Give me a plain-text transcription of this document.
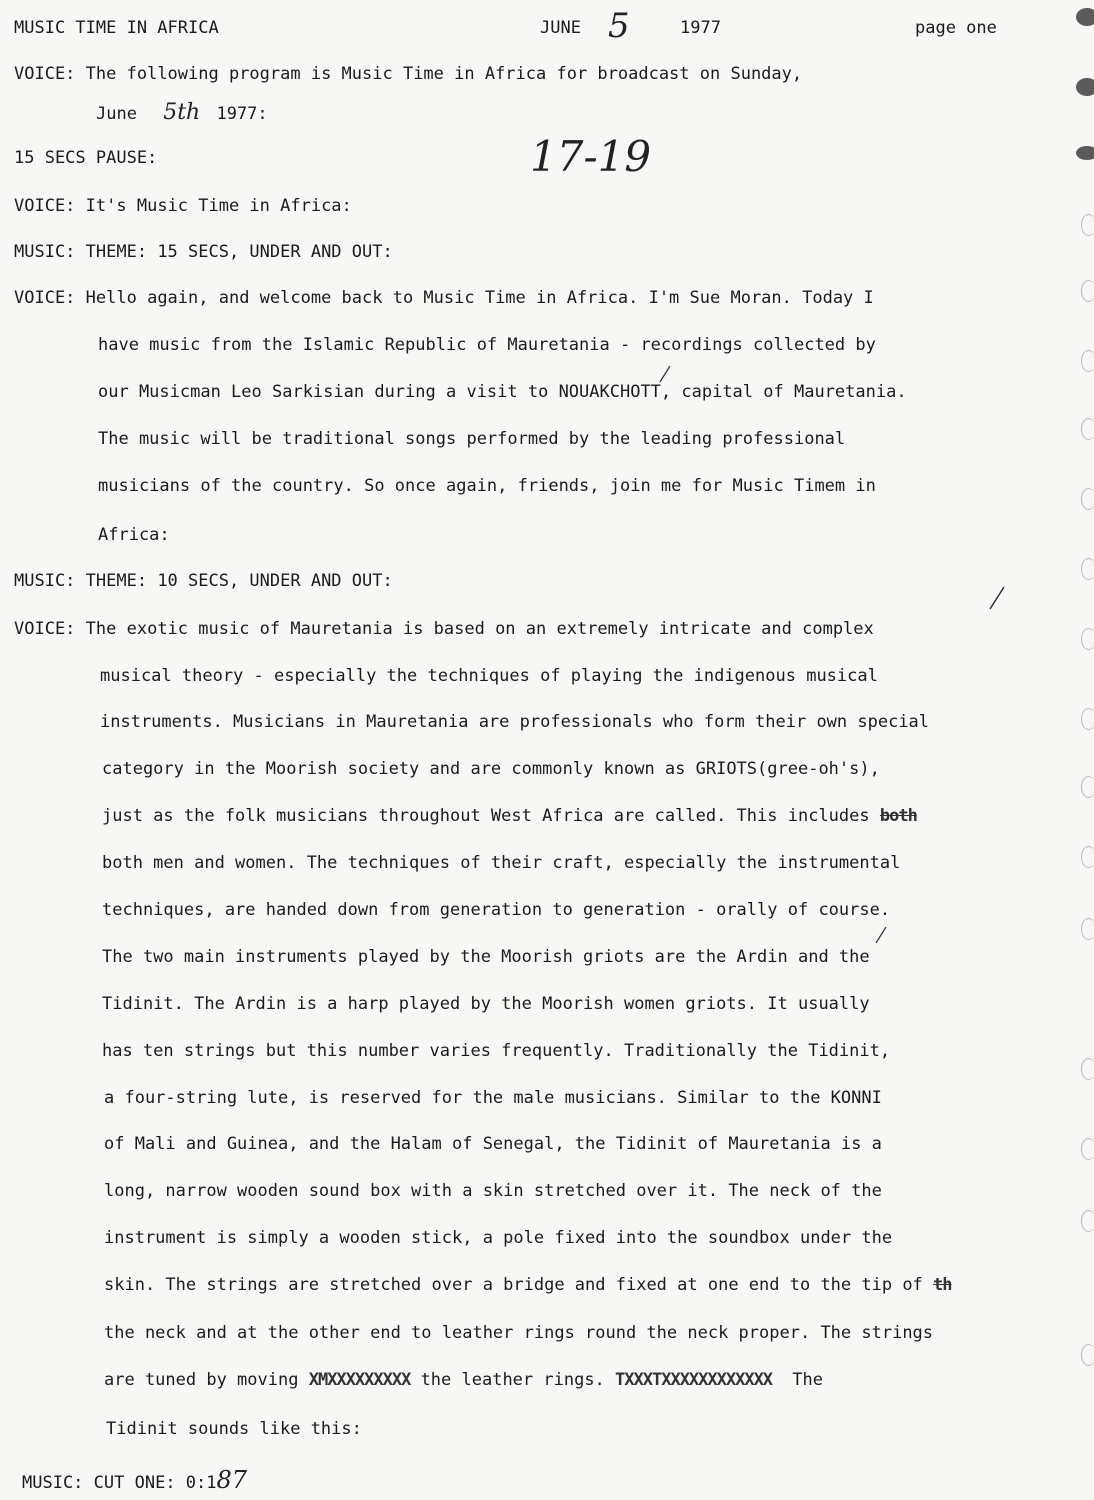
MUSIC TIME IN AFRICA	JUNE 5	1977	page one
17-19
VOICE: The following program is Music Time in Africa for broadcast on Sunday,
June 5th 1977:
15 SECS PAUSE:
VOICE: It's Music Time in Africa:
MUSIC: THEME: 15 SECS, UNDER AND OUT:
VOICE: Hello again, and welcome back to Music Time in Africa. I'm Sue Moran. Today I
have music from the Islamic Republic of Mauretania - recordings collected by
our Musicman Leo Sarkisian during a visit to NOUAKCHOTT, capital of Mauretania.
The music will be traditional songs performed by the leading professional
musicians of the country. So once again, friends, join me for Music Timem in
Africa:
MUSIC: THEME: 10 SECS, UNDER AND OUT:
VOICE: The exotic music of Mauretania is based on an extremely intricate and complex
musical theory - especially the techniques of playing the indigenous musical
instruments. Musicians in Mauretania are professionals who form their own special
category in the Moorish society and are commonly known as GRIOTS(gree-oh's),
just as the folk musicians throughout West Africa are called. This includes both
both men and women. The techniques of their craft, especially the instrumental
techniques, are handed down from generation to generation - orally of course.
The two main instruments played by the Moorish griots are the Ardin and the
Tidinit. The Ardin is a harp played by the Moorish women griots. It usually
has ten strings but this number varies frequently. Traditionally the Tidinit,
a four-string lute, is reserved for the male musicians. Similar to the KONNI
of Mali and Guinea, and the Halam of Senegal, the Tidinit of Mauretania is a
long, narrow wooden sound box with a skin stretched over it. The neck of the
instrument is simply a wooden stick, a pole fixed into the soundbox under the
skin. The strings are stretched over a bridge and fixed at one end to the tip of th
the neck and at the other end to leather rings round the neck proper. The strings
are tuned by moving XMXXXXXXXXX the leather rings. TXXXTXXXXXXXXXXXX The
Tidinit sounds like this:
MUSIC: CUT ONE: 0:187
